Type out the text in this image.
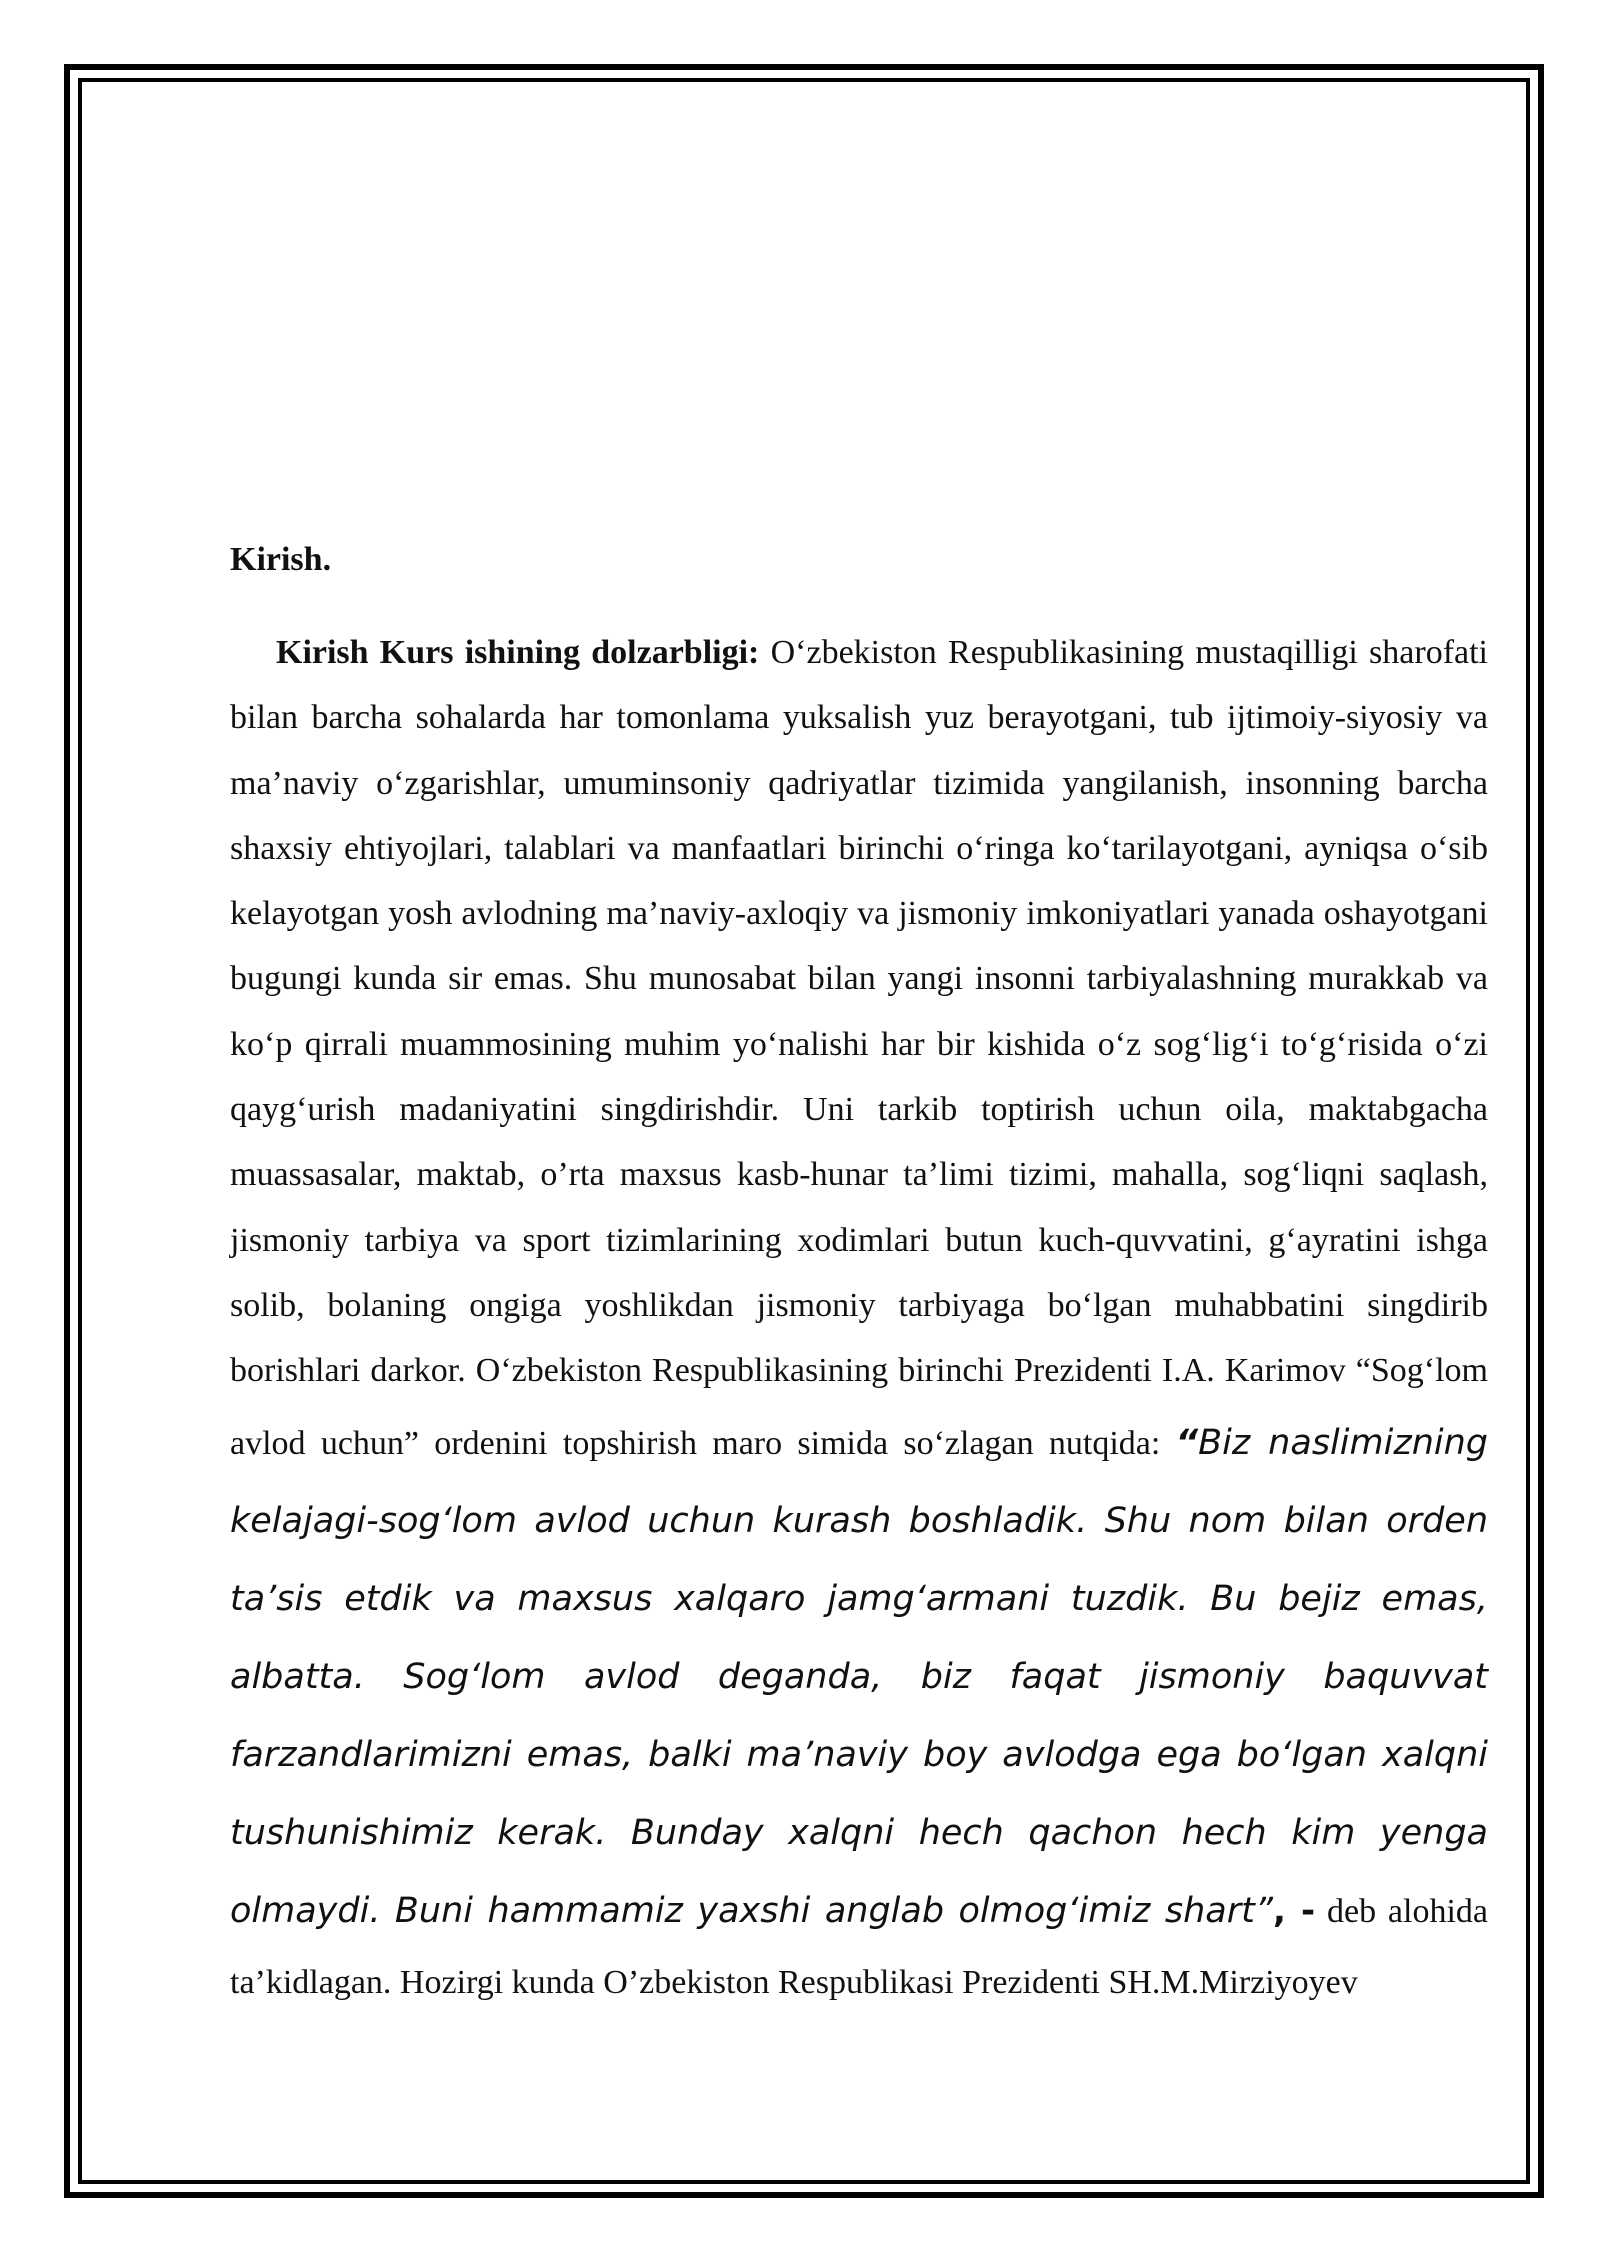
Kirish.

Kirish Kurs ishining dolzarbligi: O‘zbekiston Respublikasining mustaqilligi sharofati bilan barcha sohalarda har tomonlama yuksalish yuz berayotgani, tub ijtimoiy-siyosiy va ma’naviy o‘zgarishlar, umuminsoniy qadriyatlar tizimida yangilanish, insonning barcha shaxsiy ehtiyojlari, talablari va manfaatlari birinchi o‘ringa ko‘tarilayotgani, ayniqsa o‘sib kelayotgan yosh avlodning ma’naviy-axloqiy va jismoniy imkoniyatlari yanada oshayotgani bugungi kunda sir emas. Shu munosabat bilan yangi insonni tarbiyalashning murakkab va ko‘p qirrali muammosining muhim yo‘nalishi har bir kishida o‘z sog‘lig‘i to‘g‘risida o‘zi qayg‘urish madaniyatini singdirishdir. Uni tarkib toptirish uchun oila, maktabgacha muassasalar, maktab, o’rta maxsus kasb-hunar ta’limi tizimi, mahalla, sog‘liqni saqlash, jismoniy tarbiya va sport tizimlarining xodimlari butun kuch-quvvatini, g‘ayratini ishga solib, bolaning ongiga yoshlikdan jismoniy tarbiyaga bo‘lgan muhabbatini singdirib borishlari darkor. O‘zbekiston Respublikasining birinchi Prezidenti I.A. Karimov “Sog‘lom avlod uchun” ordenini topshirish maro simida so‘zlagan nutqida: “Biz naslimizning kelajagi-sog‘lom avlod uchun kurash boshladik. Shu nom bilan orden ta’sis etdik va maxsus xalqaro jamg‘armani tuzdik. Bu bejiz emas, albatta. Sog‘lom avlod deganda, biz faqat jismoniy baquvvat farzandlarimizni emas, balki ma’naviy boy avlodga ega bo‘lgan xalqni tushunishimiz kerak. Bunday xalqni hech qachon hech kim yenga olmaydi. Buni hammamiz yaxshi anglab olmog‘imiz shart”, - deb alohida ta’kidlagan. Hozirgi kunda O’zbekiston Respublikasi Prezidenti SH.M.Mirziyoyev
